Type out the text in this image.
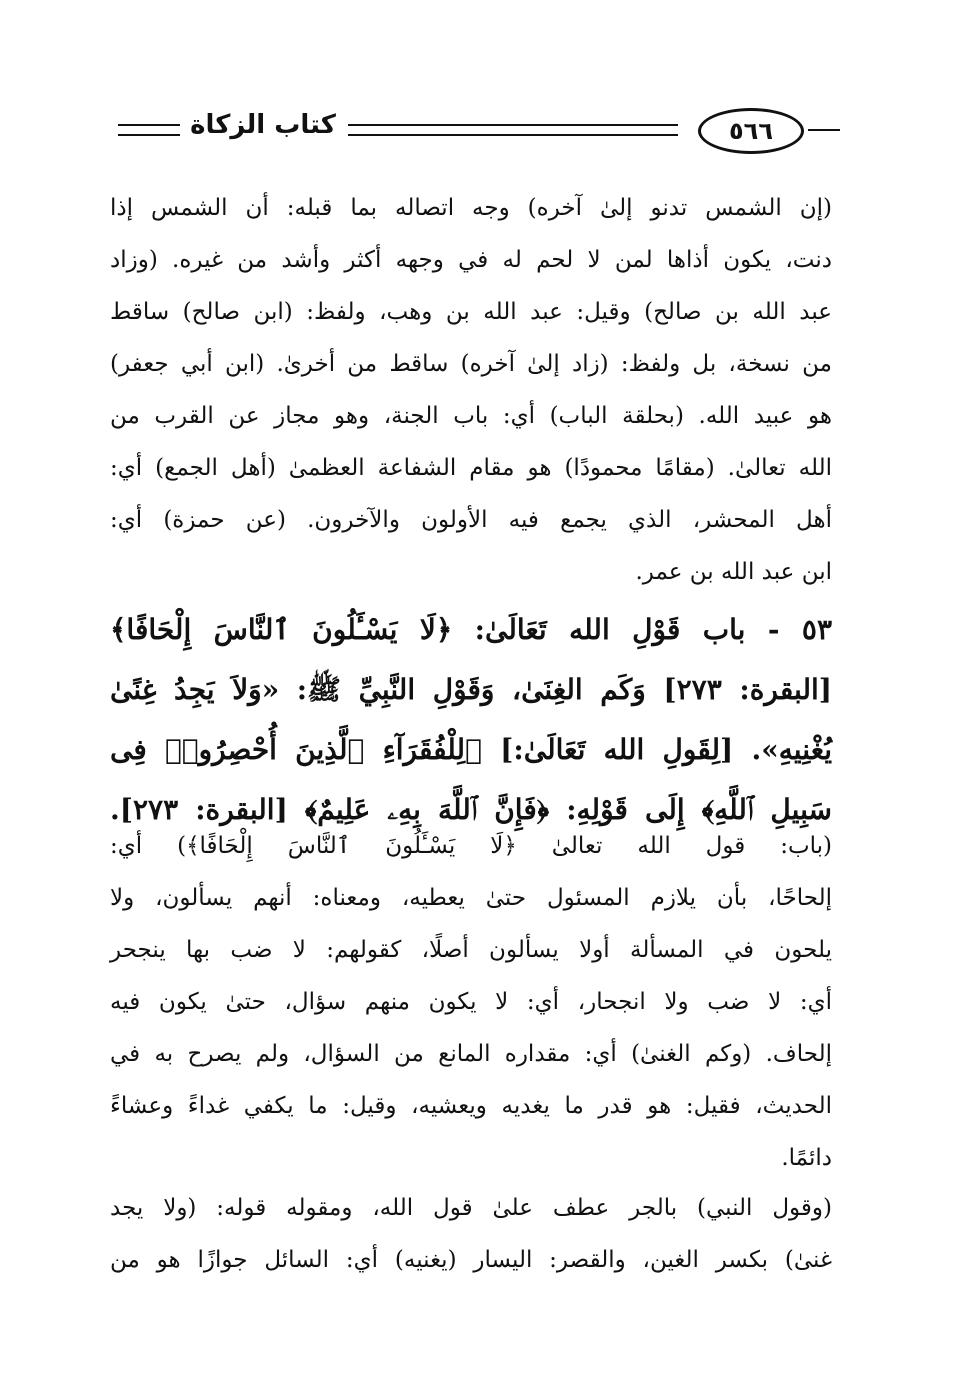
كتاب الزكاة	٥٦٦
(إن الشمس تدنو إلىٰ آخره) وجه اتصاله بما قبله: أن الشمس إذا
دنت، يكون أذاها لمن لا لحم له في وجهه أكثر وأشد من غيره. (وزاد
عبد الله بن صالح) وقيل: عبد الله بن وهب، ولفظ: (ابن صالح) ساقط
من نسخة، بل ولفظ: (زاد إلىٰ آخره) ساقط من أخرىٰ. (ابن أبي جعفر)
هو عبيد الله. (بحلقة الباب) أي: باب الجنة، وهو مجاز عن القرب من
الله تعالىٰ. (مقامًا محمودًا) هو مقام الشفاعة العظمىٰ (أهل الجمع) أي:
أهل المحشر، الذي يجمع فيه الأولون والآخرون. (عن حمزة) أي:
ابن عبد الله بن عمر.
٥٣ - باب قَوْلِ الله تَعَالَىٰ: ﴿لَا يَسْـَٔلُونَ ٱلنَّاسَ إِلْحَافًا﴾
[البقرة: ٢٧٣] وَكَم الغِنَىٰ، وَقَوْلِ النَّبِيِّ ﷺ: «وَلاَ يَجِدُ غِنًىٰ
يُغْنِيهِ». [لِقَولِ الله تَعَالَىٰ:] ﴿لِلْفُقَرَآءِ ٱلَّذِينَ أُحْصِرُوا۟ فِى
سَبِيلِ ٱللَّهِ﴾ إِلَى قَوْلِهِ: ﴿فَإِنَّ ٱللَّهَ بِهِۦ عَلِيمٌ﴾ [البقرة: ٢٧٣].
(باب: قول الله تعالىٰ ﴿لَا يَسْـَٔلُونَ ٱلنَّاسَ إِلْحَافًا﴾) أي:
إلحاحًا، بأن يلازم المسئول حتىٰ يعطيه، ومعناه: أنهم يسألون، ولا
يلحون في المسألة أولا يسألون أصلًا، كقولهم: لا ضب بها ينجحر
أي: لا ضب ولا انجحار، أي: لا يكون منهم سؤال، حتىٰ يكون فيه
إلحاف. (وكم الغنىٰ) أي: مقداره المانع من السؤال، ولم يصرح به في
الحديث، فقيل: هو قدر ما يغديه ويعشيه، وقيل: ما يكفي غداءً وعشاءً
دائمًا.
(وقول النبي) بالجر عطف علىٰ قول الله، ومقوله قوله: (ولا يجد
غنىٰ) بكسر الغين، والقصر: اليسار (يغنيه) أي: السائل جوازًا هو من
